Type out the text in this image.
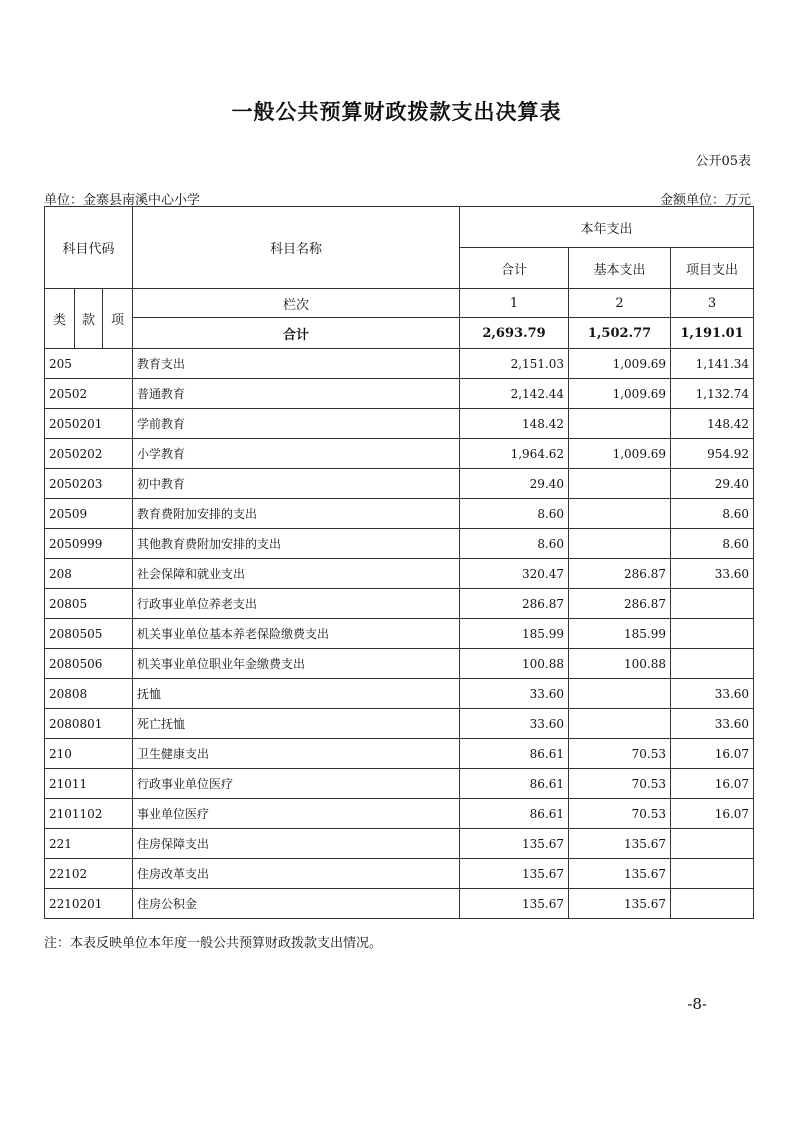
一般公共预算财政拨款支出决算表
公开05表
单位：金寨县南溪中心小学	金额单位：万元
科目代码			科目名称	本年支出		
				合计	基本支出	项目支出
类	款	项	栏次	1	2	3
			合计	2,693.79	1,502.77	1,191.01
205			教育支出	2,151.03	1,009.69	1,141.34
20502			普通教育	2,142.44	1,009.69	1,132.74
2050201			学前教育	148.42		148.42
2050202			小学教育	1,964.62	1,009.69	954.92
2050203			初中教育	29.40		29.40
20509			教育费附加安排的支出	8.60		8.60
2050999			其他教育费附加安排的支出	8.60		8.60
208			社会保障和就业支出	320.47	286.87	33.60
20805			行政事业单位养老支出	286.87	286.87	
2080505			机关事业单位基本养老保险缴费支出	185.99	185.99	
2080506			机关事业单位职业年金缴费支出	100.88	100.88	
20808			抚恤	33.60		33.60
2080801			死亡抚恤	33.60		33.60
210			卫生健康支出	86.61	70.53	16.07
21011			行政事业单位医疗	86.61	70.53	16.07
2101102			事业单位医疗	86.61	70.53	16.07
221			住房保障支出	135.67	135.67	
22102			住房改革支出	135.67	135.67	
2210201			住房公积金	135.67	135.67	
注：本表反映单位本年度一般公共预算财政拨款支出情况。
-8-
